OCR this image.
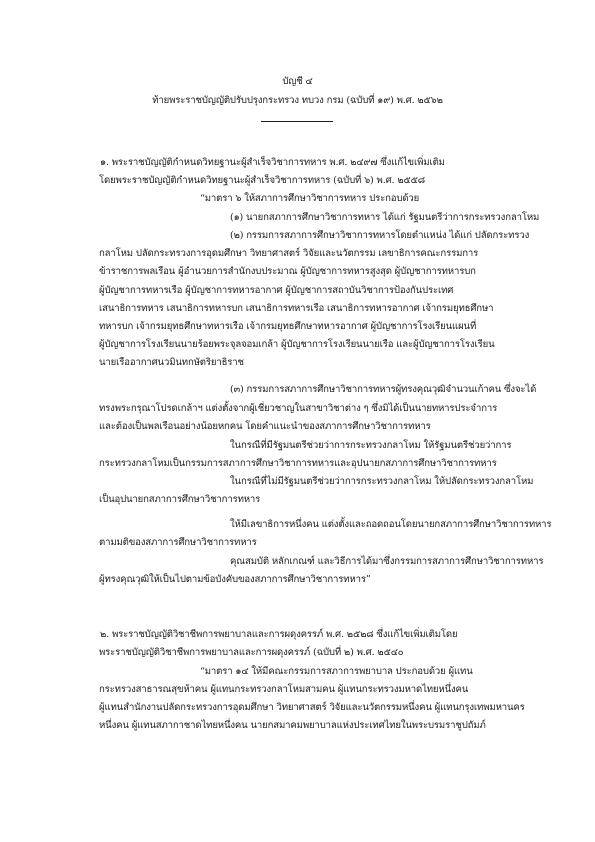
บัญชี ๔
ท้ายพระราชบัญญัติปรับปรุงกระทรวง ทบวง กรม (ฉบับที่ ๑๙) พ.ศ. ๒๕๖๒
๑. พระราชบัญญัติกำหนดวิทยฐานะผู้สำเร็จวิชาการทหาร พ.ศ. ๒๔๙๗ ซึ่งแก้ไขเพิ่มเติม
โดยพระราชบัญญัติกำหนดวิทยฐานะผู้สำเร็จวิชาการทหาร (ฉบับที่ ๖) พ.ศ. ๒๕๕๘
“มาตรา ๖ ให้สภาการศึกษาวิชาการทหาร ประกอบด้วย
(๑) นายกสภาการศึกษาวิชาการทหาร ได้แก่ รัฐมนตรีว่าการกระทรวงกลาโหม
(๒) กรรมการสภาการศึกษาวิชาการทหารโดยตำแหน่ง ได้แก่ ปลัดกระทรวง
กลาโหม ปลัดกระทรวงการอุดมศึกษา วิทยาศาสตร์ วิจัยและนวัตกรรม เลขาธิการคณะกรรมการ
ข้าราชการพลเรือน ผู้อำนวยการสำนักงบประมาณ ผู้บัญชาการทหารสูงสุด ผู้บัญชาการทหารบก
ผู้บัญชาการทหารเรือ ผู้บัญชาการทหารอากาศ ผู้บัญชาการสถาบันวิชาการป้องกันประเทศ
เสนาธิการทหาร เสนาธิการทหารบก เสนาธิการทหารเรือ เสนาธิการทหารอากาศ เจ้ากรมยุทธศึกษา
ทหารบก เจ้ากรมยุทธศึกษาทหารเรือ เจ้ากรมยุทธศึกษาทหารอากาศ ผู้บัญชาการโรงเรียนแผนที่
ผู้บัญชาการโรงเรียนนายร้อยพระจุลจอมเกล้า ผู้บัญชาการโรงเรียนนายเรือ และผู้บัญชาการโรงเรียน
นายเรืออากาศนวมินทกษัตริยาธิราช
(๓) กรรมการสภาการศึกษาวิชาการทหารผู้ทรงคุณวุฒิจำนวนเก้าคน ซึ่งจะได้
ทรงพระกรุณาโปรดเกล้าฯ แต่งตั้งจากผู้เชี่ยวชาญในสาขาวิชาต่าง ๆ ซึ่งมิได้เป็นนายทหารประจำการ
และต้องเป็นพลเรือนอย่างน้อยหกคน โดยคำแนะนำของสภาการศึกษาวิชาการทหาร
ในกรณีที่มีรัฐมนตรีช่วยว่าการกระทรวงกลาโหม ให้รัฐมนตรีช่วยว่าการ
กระทรวงกลาโหมเป็นกรรมการสภาการศึกษาวิชาการทหารและอุปนายกสภาการศึกษาวิชาการทหาร
ในกรณีที่ไม่มีรัฐมนตรีช่วยว่าการกระทรวงกลาโหม ให้ปลัดกระทรวงกลาโหม
เป็นอุปนายกสภาการศึกษาวิชาการทหาร
ให้มีเลขาธิการหนึ่งคน แต่งตั้งและถอดถอนโดยนายกสภาการศึกษาวิชาการทหาร
ตามมติของสภาการศึกษาวิชาการทหาร
คุณสมบัติ หลักเกณฑ์ และวิธีการได้มาซึ่งกรรมการสภาการศึกษาวิชาการทหาร
ผู้ทรงคุณวุฒิให้เป็นไปตามข้อบังคับของสภาการศึกษาวิชาการทหาร”
๒. พระราชบัญญัติวิชาชีพการพยาบาลและการผดุงครรภ์ พ.ศ. ๒๕๒๘ ซึ่งแก้ไขเพิ่มเติมโดย
พระราชบัญญัติวิชาชีพการพยาบาลและการผดุงครรภ์ (ฉบับที่ ๒) พ.ศ. ๒๕๔๐
“มาตรา ๑๔ ให้มีคณะกรรมการสภาการพยาบาล ประกอบด้วย ผู้แทน
กระทรวงสาธารณสุขห้าคน ผู้แทนกระทรวงกลาโหมสามคน ผู้แทนกระทรวงมหาดไทยหนึ่งคน
ผู้แทนสำนักงานปลัดกระทรวงการอุดมศึกษา วิทยาศาสตร์ วิจัยและนวัตกรรมหนึ่งคน ผู้แทนกรุงเทพมหานคร
หนึ่งคน ผู้แทนสภากาชาดไทยหนึ่งคน นายกสมาคมพยาบาลแห่งประเทศไทยในพระบรมราชูปถัมภ์
